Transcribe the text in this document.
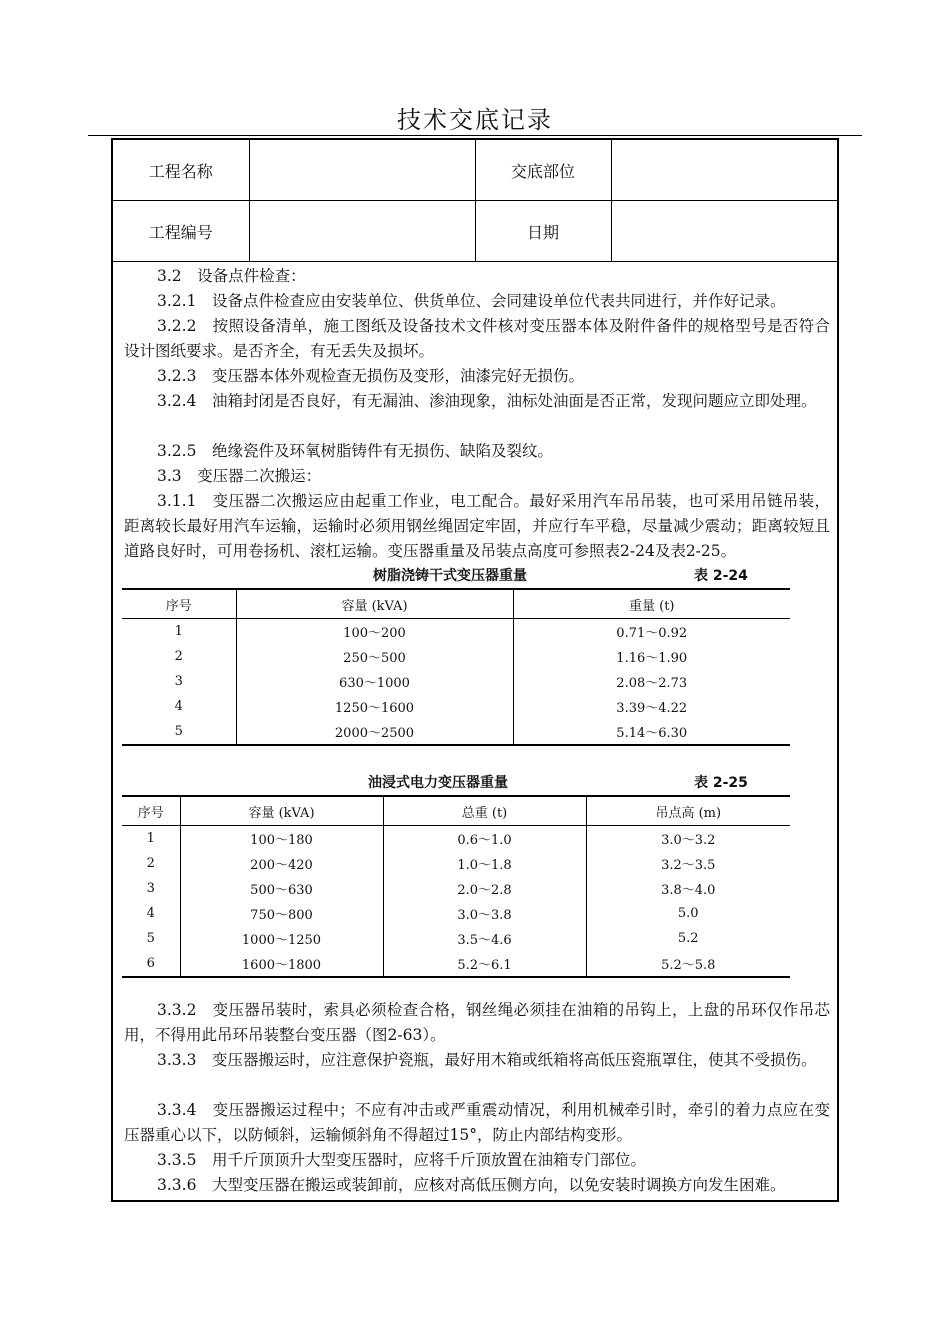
技术交底记录
工程名称		交底部位	
工程编号		日期	

3.2　设备点件检查：

3.2.1　设备点件检查应由安装单位、供货单位、会同建设单位代表共同进行，并作好记录。

3.2.2　按照设备清单，施工图纸及设备技术文件核对变压器本体及附件备件的规格型号是否符合设计图纸要求。是否齐全，有无丢失及损坏。

3.2.3　变压器本体外观检查无损伤及变形，油漆完好无损伤。

3.2.4　油箱封闭是否良好，有无漏油、渗油现象，油标处油面是否正常，发现问题应立即处理。

3.2.5　绝缘瓷件及环氧树脂铸件有无损伤、缺陷及裂纹。

3.3　变压器二次搬运：

3.1.1　变压器二次搬运应由起重工作业，电工配合。最好采用汽车吊吊装，也可采用吊链吊装，距离较长最好用汽车运输，运输时必须用钢丝绳固定牢固，并应行车平稳，尽量减少震动；距离较短且道路良好时，可用卷扬机、滚杠运输。变压器重量及吊装点高度可参照表2-24及表2-25。

树脂浇铸干式变压器重量	表 2-24
序号	容量 (kVA)	重量 (t)
1	100～200	0.71～0.92
2	250～500	1.16～1.90
3	630～1000	2.08～2.73
4	1250～1600	3.39～4.22
5	2000～2500	5.14～6.30
油浸式电力变压器重量	表 2-25
序号	容量 (kVA)	总重 (t)	吊点高 (m)
1	100～180	0.6～1.0	3.0～3.2
2	200～420	1.0～1.8	3.2～3.5
3	500～630	2.0～2.8	3.8～4.0
4	750～800	3.0～3.8	5.0
5	1000～1250	3.5～4.6	5.2
6	1600～1800	5.2～6.1	5.2～5.8

3.3.2　变压器吊装时，索具必须检查合格，钢丝绳必须挂在油箱的吊钩上，上盘的吊环仅作吊芯用，不得用此吊环吊装整台变压器（图2-63）。

3.3.3　变压器搬运时，应注意保护瓷瓶，最好用木箱或纸箱将高低压瓷瓶罩住，使其不受损伤。

3.3.4　变压器搬运过程中；不应有冲击或严重震动情况，利用机械牵引时，牵引的着力点应在变压器重心以下，以防倾斜，运输倾斜角不得超过15°，防止内部结构变形。

3.3.5　用千斤顶顶升大型变压器时，应将千斤顶放置在油箱专门部位。

3.3.6　大型变压器在搬运或装卸前，应核对高低压侧方向，以免安装时调换方向发生困难。
